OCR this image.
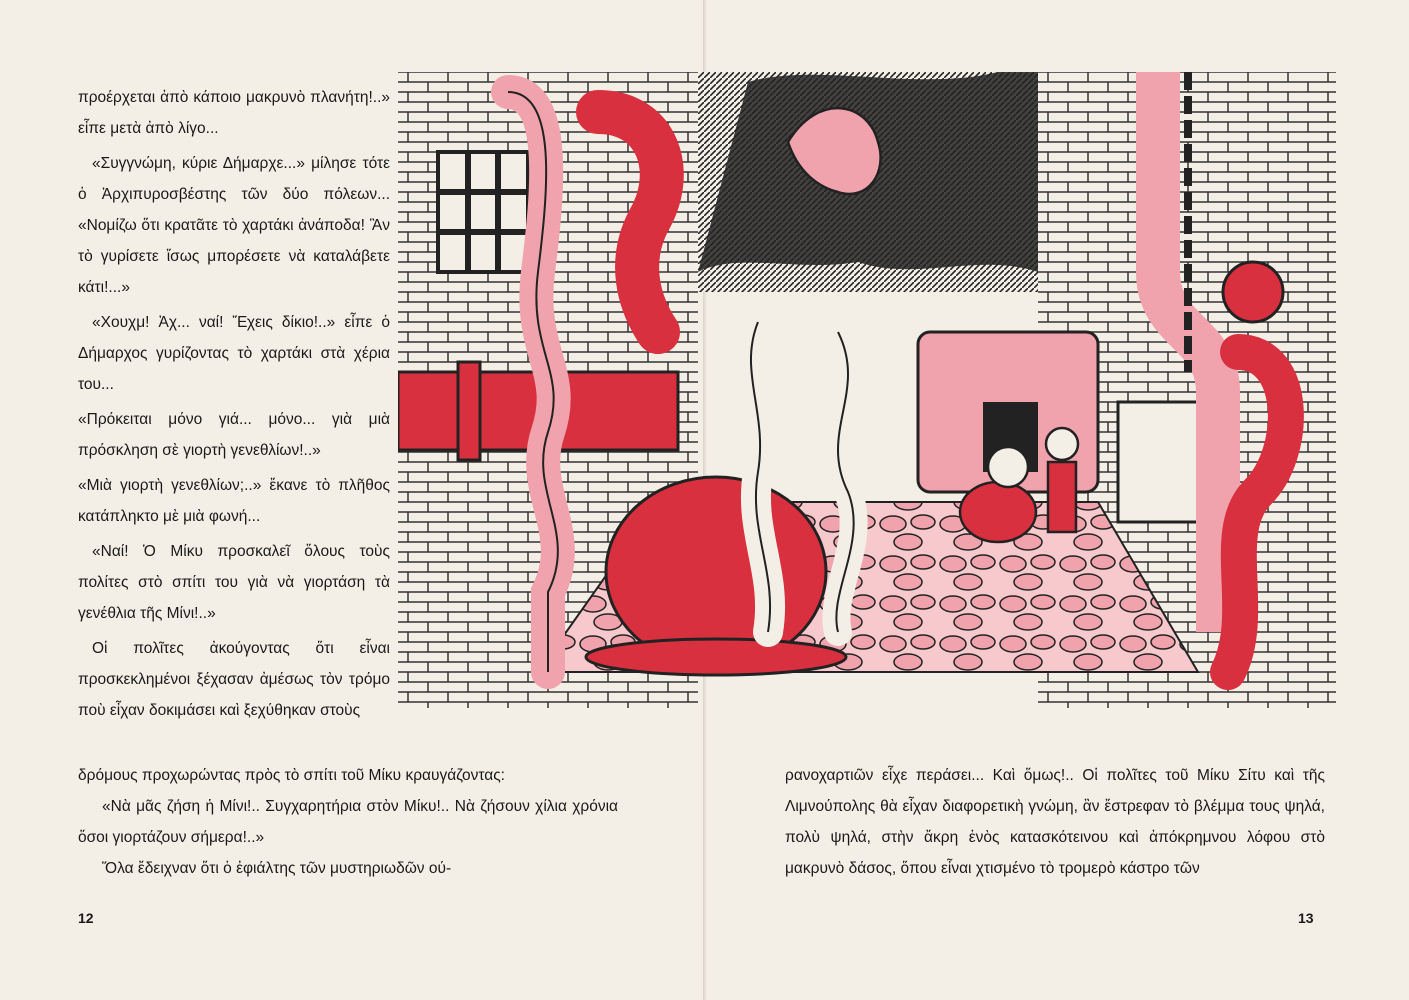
προέρχεται ἀπὸ κάποιο μακρυνὸ πλανήτη!..» εἶπε μετὰ ἀπὸ λίγο...

«Συγγνώμη, κύριε Δήμαρχε...» μίλησε τότε ὁ Ἀρχιπυροσβέστης τῶν δύο πόλεων... «Νομίζω ὅτι κρατᾶτε τὸ χαρτάκι ἀνάποδα! Ἂν τὸ γυρίσετε ἴσως μπορέσετε νὰ καταλάβετε κάτι!...»

«Χουχμ! Ἀχ... ναί! Ἔχεις δίκιο!..» εἶπε ὁ Δήμαρχος γυρίζοντας τὸ χαρτάκι στὰ χέρια του...

«Πρόκειται μόνο γιά... μόνο... γιὰ μιὰ πρόσκληση σὲ γιορτὴ γενεθλίων!..»

«Μιὰ γιορτὴ γενεθλίων;..» ἔκανε τὸ πλῆθος κατάπληκτο μὲ μιὰ φωνή...

«Ναί! Ὁ Μίκυ προσκαλεῖ ὅλους τοὺς πολίτες στὸ σπίτι του γιὰ νὰ γιορτάση τὰ γενέθλια τῆς Μίνι!..»

Οἱ πολῖτες ἀκούγοντας ὅτι εἶναι προσκεκλημένοι ξέχασαν ἀμέσως τὸν τρόμο ποὺ εἶχαν δοκιμάσει καὶ ξεχύθηκαν στοὺς

δρόμους προχωρώντας πρὸς τὸ σπίτι τοῦ Μίκυ κραυγάζοντας:

«Νὰ μᾶς ζήση ἡ Μίνι!.. Συγχαρητήρια στὸν Μίκυ!.. Νὰ ζήσουν χίλια χρόνια ὅσοι γιορτάζουν σήμερα!..»

Ὅλα ἔδειχναν ὅτι ὁ ἐφιάλτης τῶν μυστηριωδῶν ού-

ρανοχαρτιῶν εἶχε περάσει... Καὶ ὅμως!.. Οἱ πολῖτες τοῦ Μίκυ Σίτυ καὶ τῆς Λιμνούπολης θὰ εἶχαν διαφορετικὴ γνώμη, ἂν ἔστρεφαν τὸ βλέμμα τους ψηλά, πολὺ ψηλά, στὴν ἄκρη ἑνὸς κατασκότεινου καὶ ἀπόκρημνου λόφου στὸ μακρυνὸ δάσος, ὅπου εἶναι χτισμένο τὸ τρομερὸ κάστρο τῶν
12	13
